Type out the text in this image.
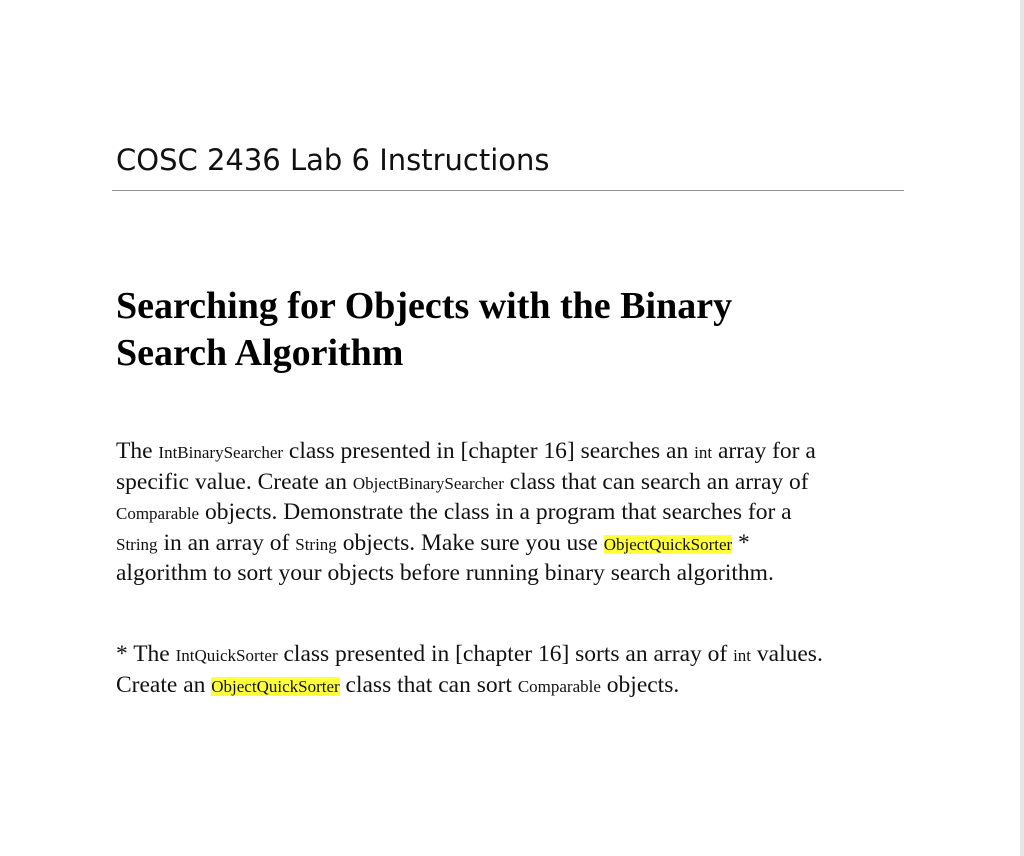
COSC 2436 Lab 6 Instructions
Searching for Objects with the Binary
Search Algorithm

The IntBinarySearcher class presented in [chapter 16] searches an int array for a
specific value. Create an ObjectBinarySearcher class that can search an array of
Comparable objects. Demonstrate the class in a program that searches for a
String in an array of String objects. Make sure you use ObjectQuickSorter *
algorithm to sort your objects before running binary search algorithm.

* The IntQuickSorter class presented in [chapter 16] sorts an array of int values.
Create an ObjectQuickSorter class that can sort Comparable objects.
